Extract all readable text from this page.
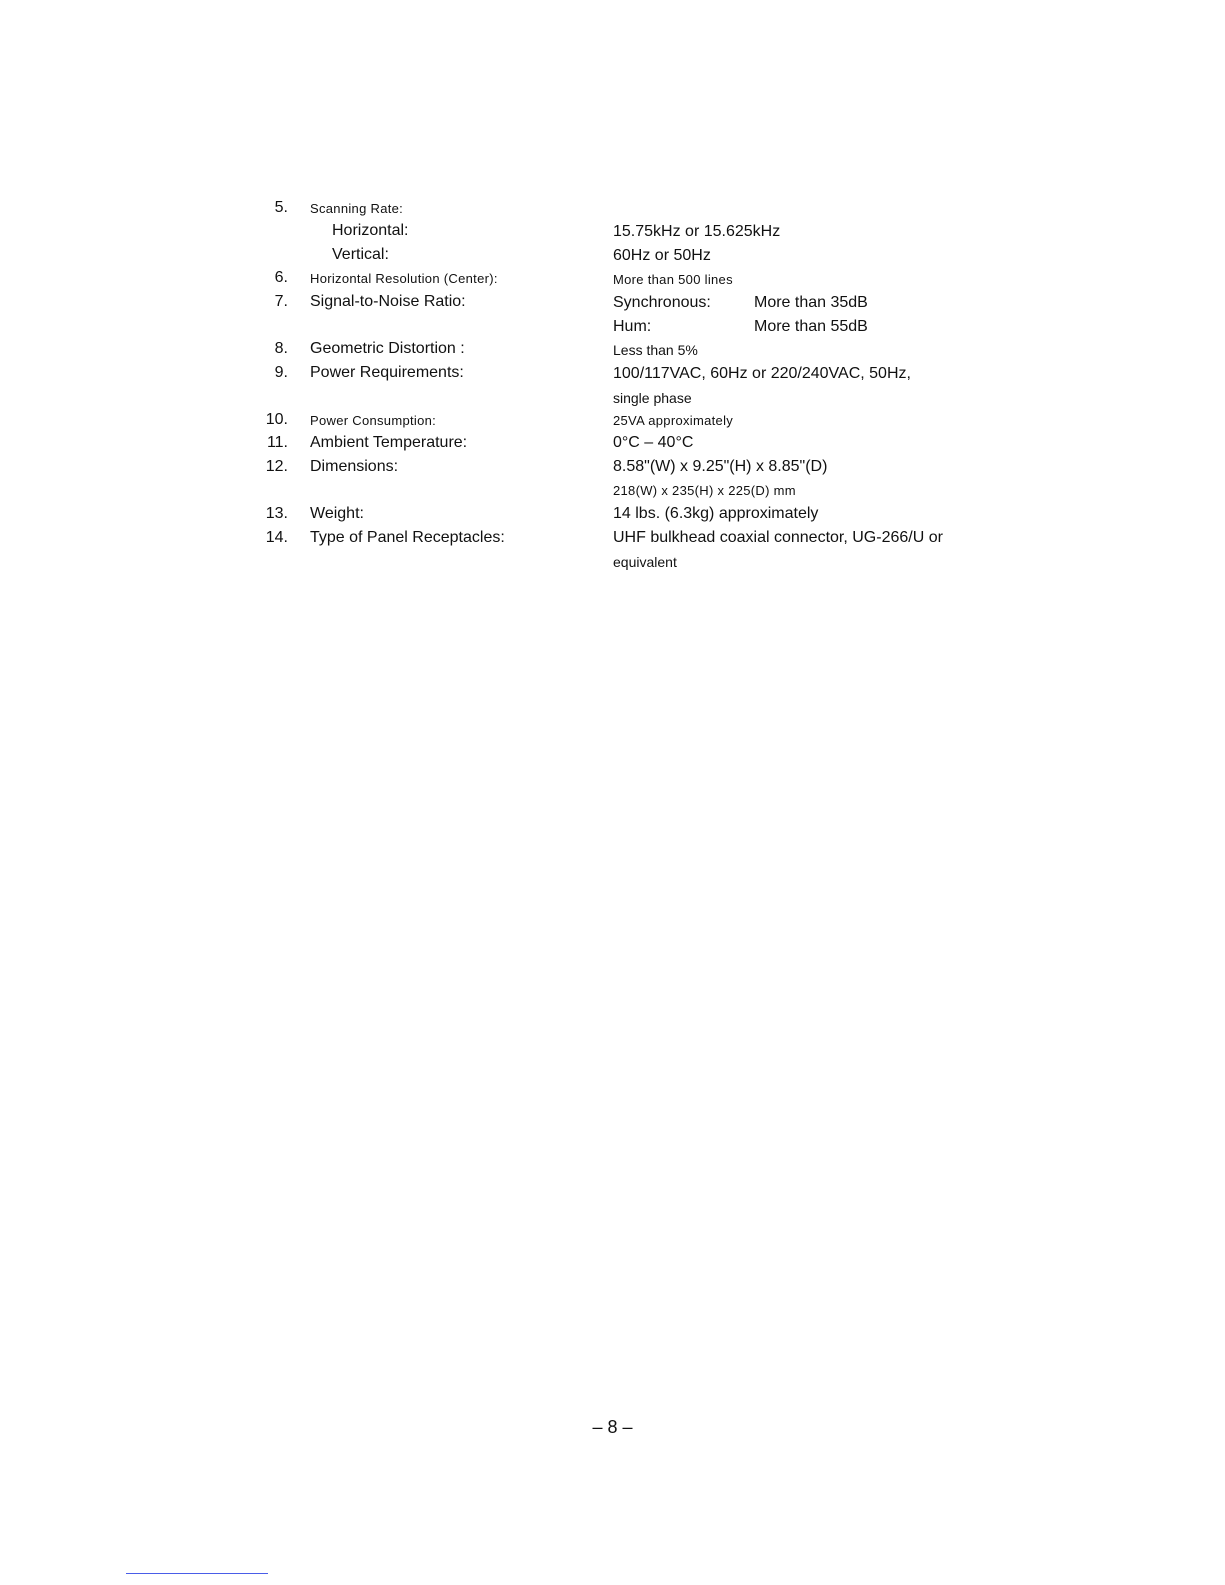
5. Scanning Rate:
Horizontal:	15.75kHz or 15.625kHz
Vertical:	60Hz or 50Hz
6. Horizontal Resolution (Center):	More than 500 lines
7. Signal-to-Noise Ratio:	Synchronous:	More than 35dB
Hum:	More than 55dB
8. Geometric Distortion :	Less than 5%
9. Power Requirements:	100/117VAC, 60Hz or 220/240VAC, 50Hz,
single phase
10. Power Consumption:	25VA approximately
11. Ambient Temperature:	0°C – 40°C
12. Dimensions:	8.58"(W) x 9.25"(H) x 8.85"(D)
218(W) x 235(H) x 225(D) mm
13. Weight:	14 lbs. (6.3kg) approximately
14. Type of Panel Receptacles:	UHF bulkhead coaxial connector, UG-266/U or
equivalent
– 8 –
